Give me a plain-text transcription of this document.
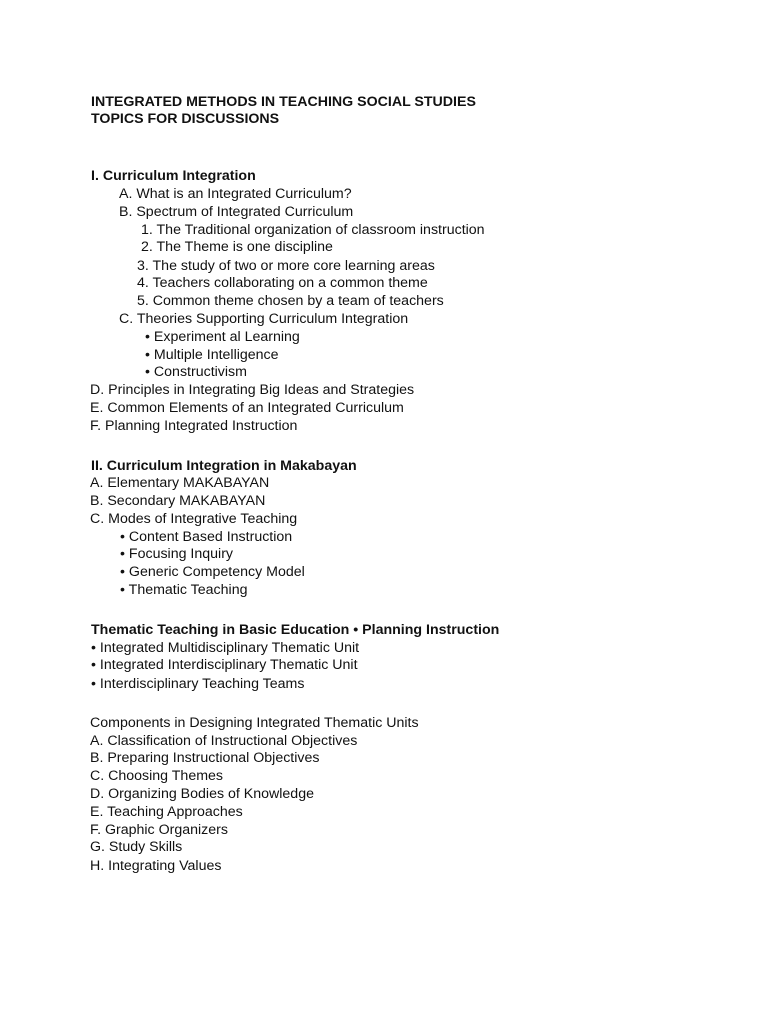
INTEGRATED METHODS IN TEACHING SOCIAL STUDIES
TOPICS FOR DISCUSSIONS
I. Curriculum Integration
A. What is an Integrated Curriculum?
B. Spectrum of Integrated Curriculum
1. The Traditional organization of classroom instruction
2. The Theme is one discipline
3. The study of two or more core learning areas
4. Teachers collaborating on a common theme
5. Common theme chosen by a team of teachers
C. Theories Supporting Curriculum Integration
• Experiment al Learning
• Multiple Intelligence
• Constructivism
D. Principles in Integrating Big Ideas and Strategies
E. Common Elements of an Integrated Curriculum
F. Planning Integrated Instruction
II. Curriculum Integration in Makabayan
A. Elementary MAKABAYAN
B. Secondary MAKABAYAN
C. Modes of Integrative Teaching
• Content Based Instruction
• Focusing Inquiry
• Generic Competency Model
• Thematic Teaching
Thematic Teaching in Basic Education • Planning Instruction
• Integrated Multidisciplinary Thematic Unit
• Integrated Interdisciplinary Thematic Unit
• Interdisciplinary Teaching Teams
Components in Designing Integrated Thematic Units
A. Classification of Instructional Objectives
B. Preparing Instructional Objectives
C. Choosing Themes
D. Organizing Bodies of Knowledge
E. Teaching Approaches
F. Graphic Organizers
G. Study Skills
H. Integrating Values
